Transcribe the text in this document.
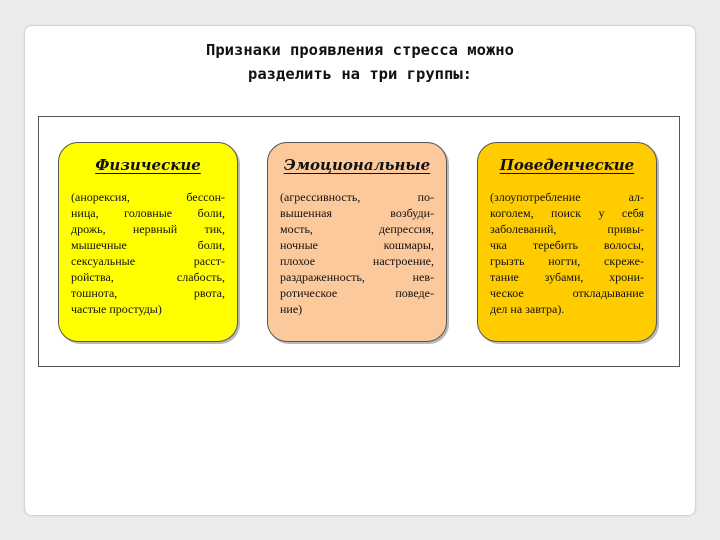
Признаки проявления стресса можно
разделить на три группы:
Физические
(анорексия, бессон-
ница, головные боли,
дрожь, нервный тик,
мышечные боли,
сексуальные расст-
ройства, слабость,
тошнота, рвота,
частые простуды)
Эмоциональные
(агрессивность, по-
вышенная возбуди-
мость, депрессия,
ночные кошмары,
плохое настроение,
раздраженность, нев-
ротическое поведе-
ние)
Поведенческие
(злоупотребление ал-
коголем, поиск у себя
заболеваний, привы-
чка теребить волосы,
грызть ногти, скреже-
тание зубами, хрони-
ческое откладывание
дел на завтра).
